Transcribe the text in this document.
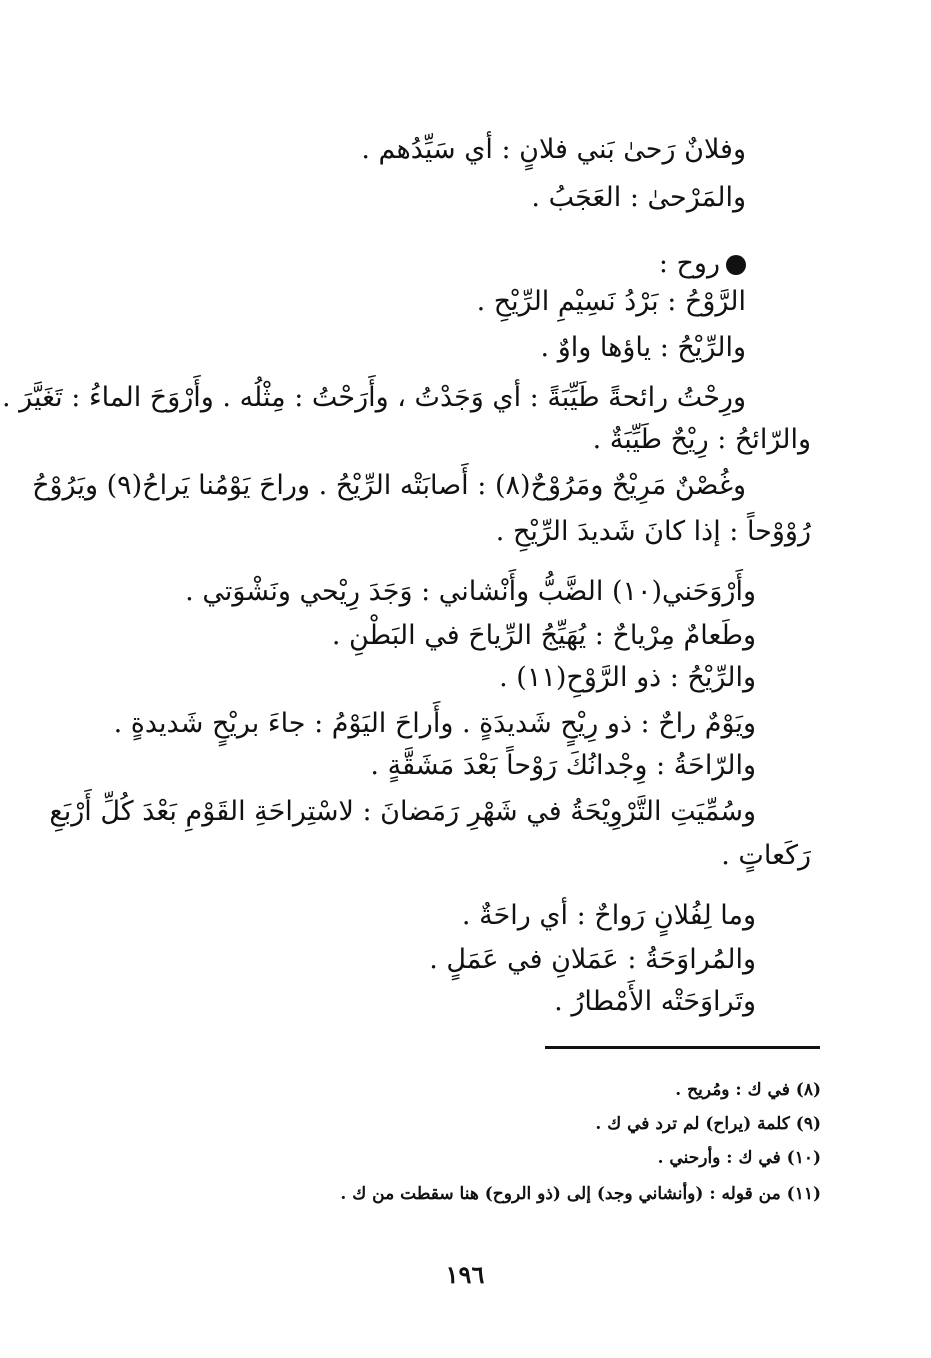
وفلانٌ رَحىٰ بَني فلانٍ : أي سَيِّدُهم .
والمَرْحىٰ : العَجَبُ .
روح :
الرَّوْحُ : بَرْدُ نَسِيْمِ الرِّيْحِ .
والرِّيْحُ : ياؤها واوٌ .
ورِحْتُ رائحةً طَيِّبَةً : أي وَجَدْتُ ، وأَرَحْتُ : مِثْلُه . وأَرْوَحَ الماءُ : تَغَيَّرَ .
والرّائحُ : رِيْحٌ طَيِّبَةٌ .
وغُصْنٌ مَرِيْحٌ ومَرُوْحٌ(٨) : أَصابَتْه الرِّيْحُ . وراحَ يَوْمُنا يَراحُ(٩) ويَرُوْحُ
رُوْوْحاً : إذا كانَ شَديدَ الرِّيْحِ .
وأَرْوَحَني(١٠) الضَّبُّ وأَنْشاني : وَجَدَ رِيْحي ونَشْوَتي .
وطَعامٌ مِرْياحٌ : يُهَيِّجُ الرِّياحَ في البَطْنِ .
والرِّيْحُ : ذو الرَّوْحِ(١١) .
ويَوْمٌ راحٌ : ذو رِيْحٍ شَديدَةٍ . وأَراحَ اليَوْمُ : جاءَ بريْحٍ شَديدةٍ .
والرّاحَةُ : وِجْدانُكَ رَوْحاً بَعْدَ مَشَقَّةٍ .
وسُمِّيَتِ التَّرْوِيْحَةُ في شَهْرِ رَمَضانَ : لاسْتِراحَةِ القَوْمِ بَعْدَ كُلِّ أَرْبَعِ
رَكَعاتٍ .
وما لِفُلانٍ رَواحٌ : أي راحَةٌ .
والمُراوَحَةُ : عَمَلانِ في عَمَلٍ .
وتَراوَحَتْه الأَمْطارُ .
(٨) في ك : ومُريح .
(٩) كلمة (يراح) لم ترد في ك .
(١٠) في ك : وأرحني .
(١١) من قوله : (وأنشاني وجد) إلى (ذو الروح) هنا سقطت من ك .
١٩٦
